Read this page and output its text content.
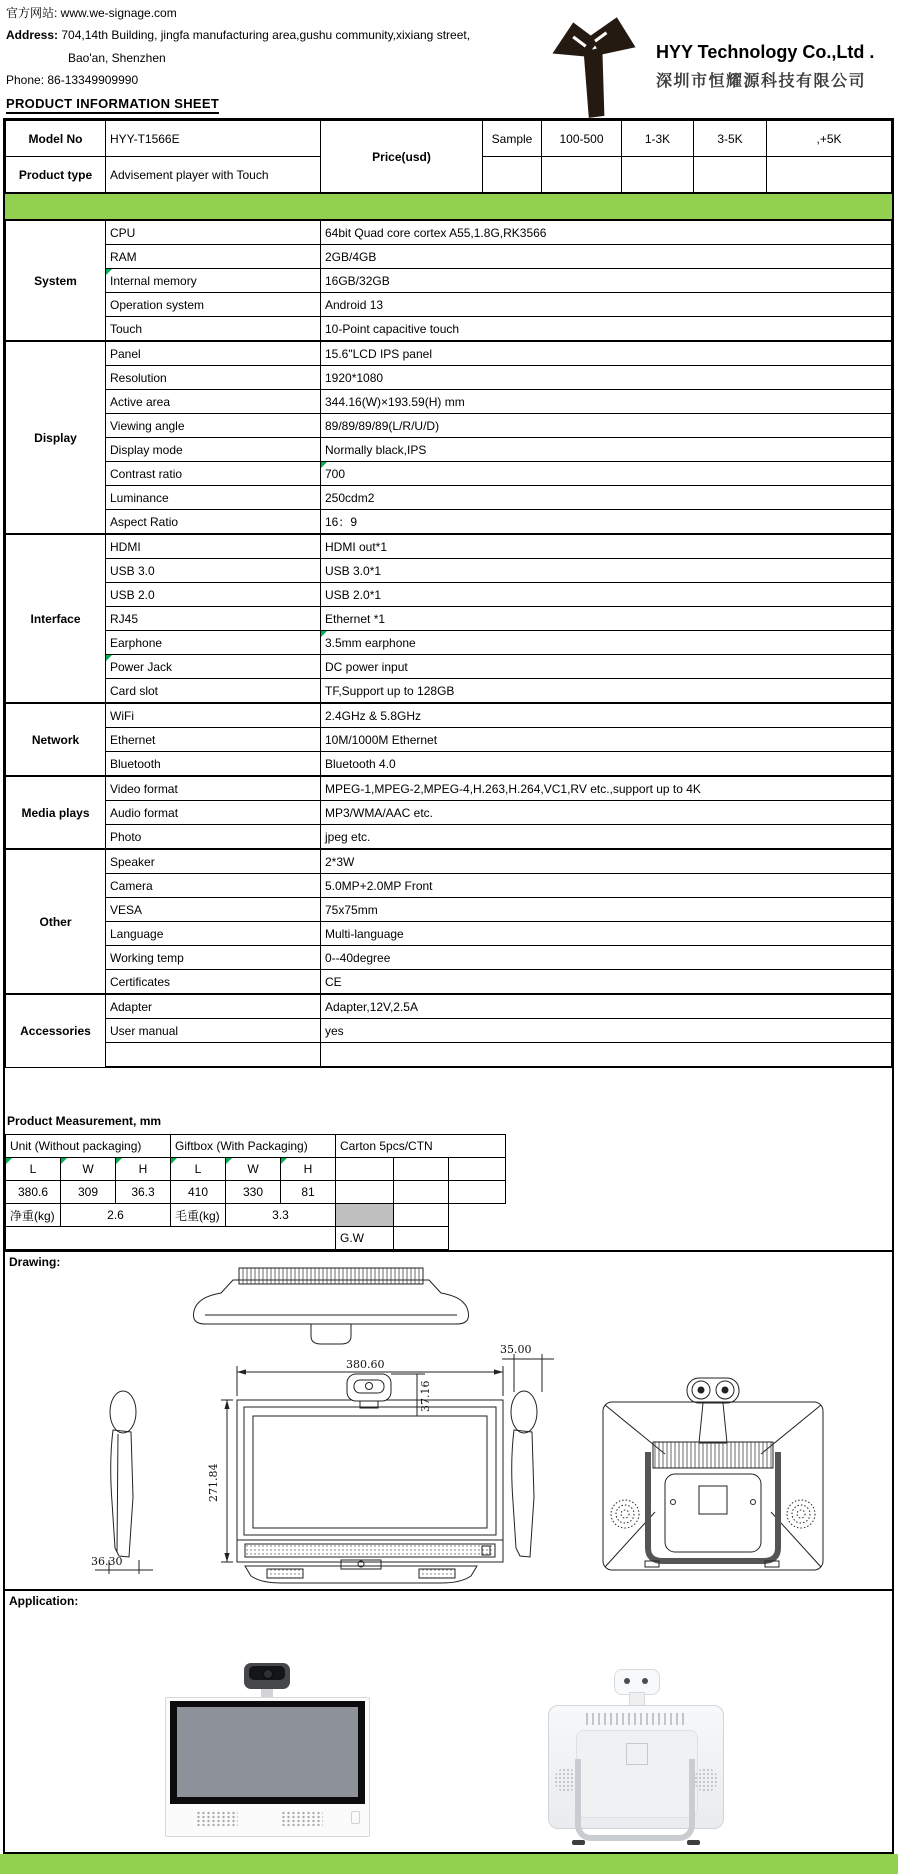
官方网站: www.we-signage.com
Address: 704,14th Building, jingfa manufacturing area,gushu community,xixiang street,
Bao'an, Shenzhen
Phone: 86-13349909990
PRODUCT INFORMATION SHEET
HYY Technology Co.,Ltd .
深圳市恒耀源科技有限公司
Model No	HYY-T1566E	Price(usd)	Sample	100-500	1-3K	3-5K	,+5K
Product type	Advisement player with Touch						
System	CPU	64bit Quad core cortex A55,1.8G,RK3566
	RAM	2GB/4GB
	Internal memory	16GB/32GB
	Operation system	Android 13
	Touch	10-Point capacitive touch
Display	Panel	15.6"LCD IPS panel
	Resolution	1920*1080
	Active area	344.16(W)×193.59(H) mm
	Viewing angle	89/89/89/89(L/R/U/D)
	Display mode	Normally black,IPS
	Contrast ratio	700
	Luminance	250cdm2
	Aspect Ratio	16：9
Interface	HDMI	HDMI out*1
	USB 3.0	USB 3.0*1
	USB 2.0	USB 2.0*1
	RJ45	Ethernet *1
	Earphone	3.5mm earphone
	Power Jack	DC power input
	Card slot	TF,Support up to 128GB
Network	WiFi	2.4GHz & 5.8GHz
	Ethernet	10M/1000M Ethernet
	Bluetooth	Bluetooth 4.0
Media plays	Video format	MPEG-1,MPEG-2,MPEG-4,H.263,H.264,VC1,RV etc.,support up to 4K
	Audio format	MP3/WMA/AAC etc.
	Photo	jpeg etc.
Other	Speaker	2*3W
	Camera	5.0MP+2.0MP Front
	VESA	75x75mm
	Language	Multi-language
	Working temp	0--40degree
	Certificates	CE
Accessories	Adapter	Adapter,12V,2.5A
	User manual	yes

Product Measurement, mm
Unit (Without packaging)			Giftbox (With Packaging)			Carton 5pcs/CTN		
L	W	H	L	W	H			
380.6	309	36.3	410	330	81			
净重(kg)	2.6		毛重(kg)	3.3				
						G.W		
Drawing:
380.60
37.16
35.00
271.84
36.30
Application:
